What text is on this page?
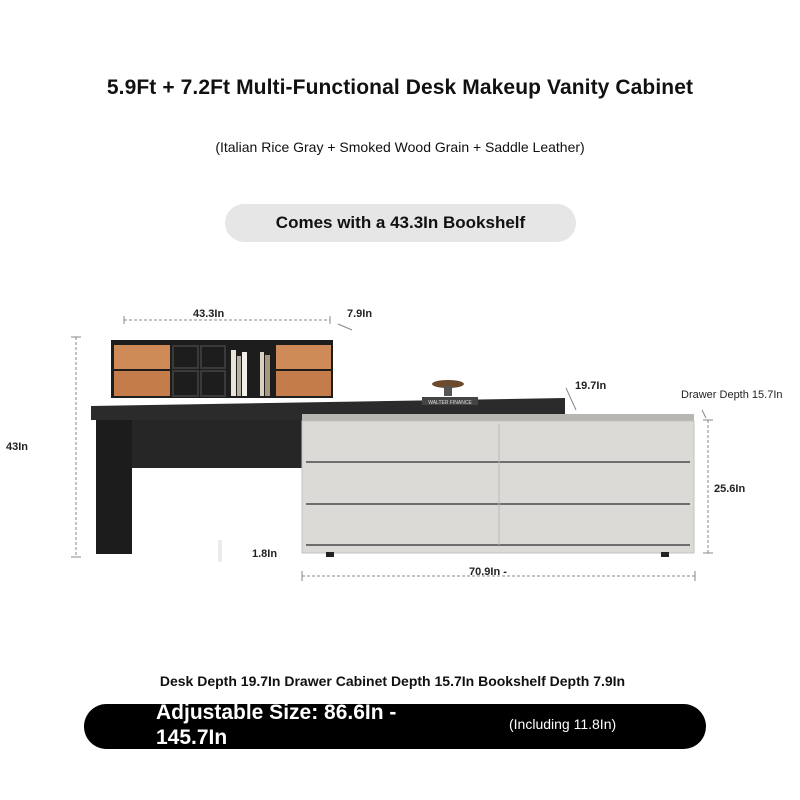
5.9Ft + 7.2Ft Multi-Functional Desk Makeup Vanity Cabinet
(Italian Rice Gray + Smoked Wood Grain + Saddle Leather)
Comes with a 43.3In Bookshelf
WALTER FINANCE
43.3In	7.9In
43In
19.7In
Drawer Depth 15.7In
25.6In
1.8In
70.9In -
Desk Depth 19.7In Drawer Cabinet Depth 15.7In Bookshelf Depth 7.9In
Adjustable Size: 86.6In - 145.7In
(Including 11.8In)
